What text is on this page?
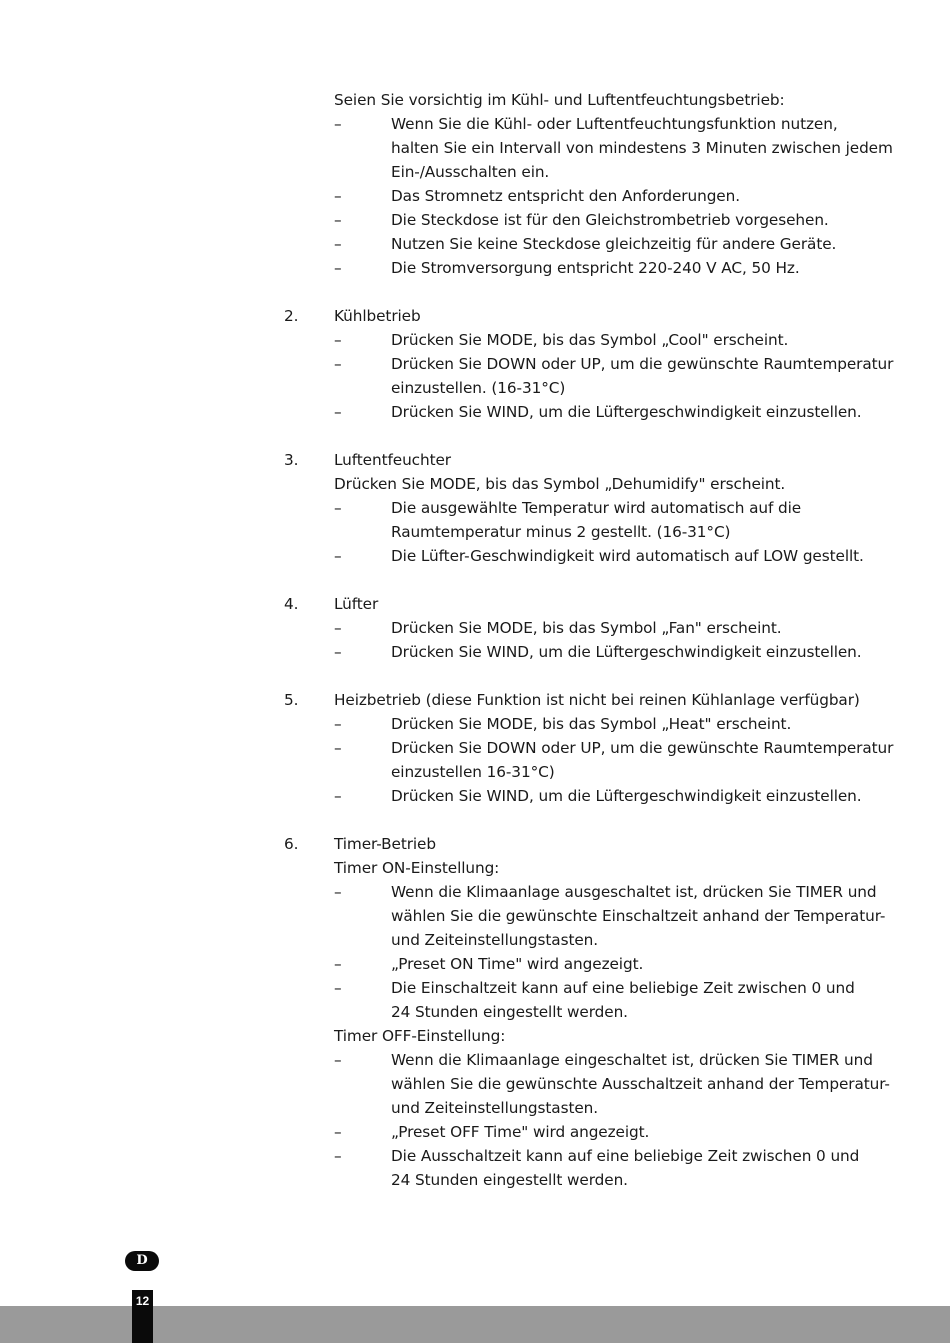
Seien Sie vorsichtig im Kühl- und Luftentfeuchtungsbetrieb:
–	Wenn Sie die Kühl- oder Luftentfeuchtungsfunktion nutzen,
halten Sie ein Intervall von mindestens 3 Minuten zwischen jedem
Ein-/Ausschalten ein.
–	Das Stromnetz entspricht den Anforderungen.
–	Die Steckdose ist für den Gleichstrombetrieb vorgesehen.
–	Nutzen Sie keine Steckdose gleichzeitig für andere Geräte.
–	Die Stromversorgung entspricht 220-240 V AC, 50 Hz.
2. Kühlbetrieb
–	Drücken Sie MODE, bis das Symbol „Cool" erscheint.
–	Drücken Sie DOWN oder UP, um die gewünschte Raumtemperatur
einzustellen. (16-31°C)
–	Drücken Sie WIND, um die Lüftergeschwindigkeit einzustellen.
3. Luftentfeuchter
Drücken Sie MODE, bis das Symbol „Dehumidify" erscheint.
–	Die ausgewählte Temperatur wird automatisch auf die
Raumtemperatur minus 2 gestellt. (16-31°C)
–	Die Lüfter-Geschwindigkeit wird automatisch auf LOW gestellt.
4. Lüfter
–	Drücken Sie MODE, bis das Symbol „Fan" erscheint.
–	Drücken Sie WIND, um die Lüftergeschwindigkeit einzustellen.
5. Heizbetrieb (diese Funktion ist nicht bei reinen Kühlanlage verfügbar)
–	Drücken Sie MODE, bis das Symbol „Heat" erscheint.
–	Drücken Sie DOWN oder UP, um die gewünschte Raumtemperatur
einzustellen 16-31°C)
–	Drücken Sie WIND, um die Lüftergeschwindigkeit einzustellen.
6. Timer-Betrieb
Timer ON-Einstellung:
–	Wenn die Klimaanlage ausgeschaltet ist, drücken Sie TIMER und
wählen Sie die gewünschte Einschaltzeit anhand der Temperatur-
und Zeiteinstellungstasten.
–	„Preset ON Time" wird angezeigt.
–	Die Einschaltzeit kann auf eine beliebige Zeit zwischen 0 und
24 Stunden eingestellt werden.
Timer OFF-Einstellung:
–	Wenn die Klimaanlage eingeschaltet ist, drücken Sie TIMER und
wählen Sie die gewünschte Ausschaltzeit anhand der Temperatur-
und Zeiteinstellungstasten.
–	„Preset OFF Time" wird angezeigt.
–	Die Ausschaltzeit kann auf eine beliebige Zeit zwischen 0 und
24 Stunden eingestellt werden.
D
12
